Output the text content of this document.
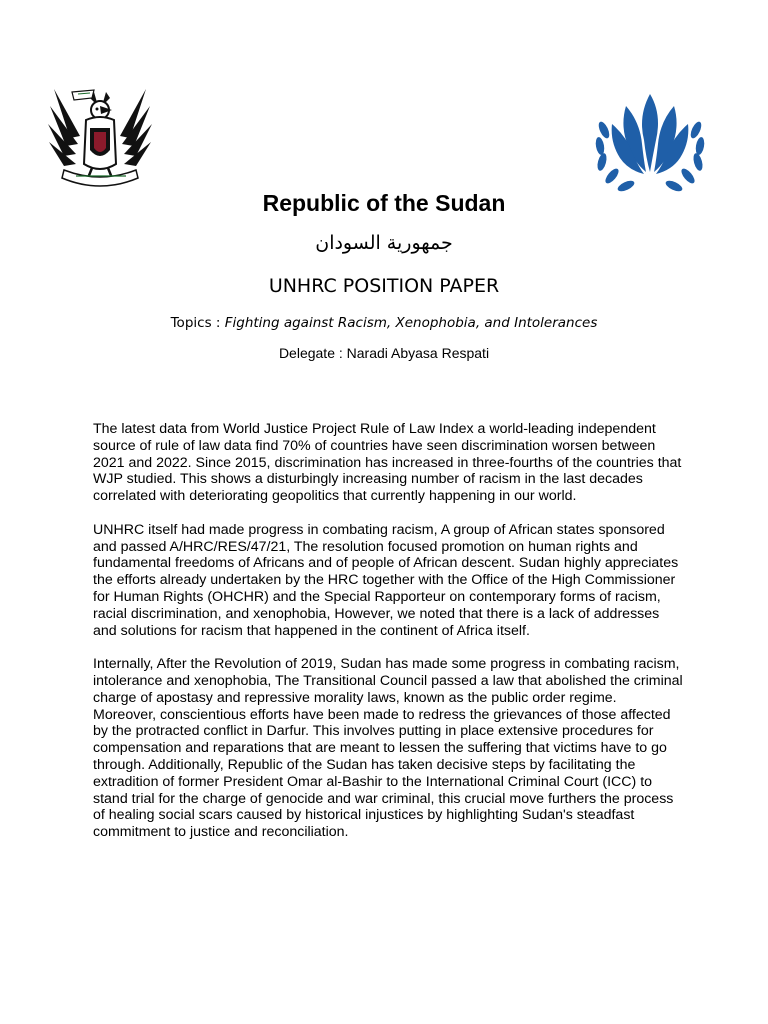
Republic of the Sudan
جمهورية السودان
UNHRC POSITION PAPER
Topics : Fighting against Racism, Xenophobia, and Intolerances
Delegate : Naradi Abyasa Respati

The latest data from World Justice Project Rule of Law Index a world-leading independent source of rule of law data find 70% of countries have seen discrimination worsen between 2021 and 2022. Since 2015, discrimination has increased in three-fourths of the countries that WJP studied. This shows a disturbingly increasing number of racism in the last decades correlated with deteriorating geopolitics that currently happening in our world.

UNHRC itself had made progress in combating racism, A group of African states sponsored and passed A/HRC/RES/47/21, The resolution focused promotion on human rights and fundamental freedoms of Africans and of people of African descent. Sudan highly appreciates the efforts already undertaken by the HRC together with the Office of the High Commissioner for Human Rights (OHCHR) and the Special Rapporteur on contemporary forms of racism, racial discrimination, and xenophobia, However, we noted that there is a lack of addresses and solutions for racism that happened in the continent of Africa itself.

Internally, After the Revolution of 2019, Sudan has made some progress in combating racism, intolerance and xenophobia, The Transitional Council passed a law that abolished the criminal charge of apostasy and repressive morality laws, known as the public order regime. Moreover, conscientious efforts have been made to redress the grievances of those affected by the protracted conflict in Darfur. This involves putting in place extensive procedures for compensation and reparations that are meant to lessen the suffering that victims have to go through. Additionally, Republic of the Sudan has taken decisive steps by facilitating the extradition of former President Omar al-Bashir to the International Criminal Court (ICC) to stand trial for the charge of genocide and war criminal, this crucial move furthers the process of healing social scars caused by historical injustices by highlighting Sudan's steadfast commitment to justice and reconciliation.
